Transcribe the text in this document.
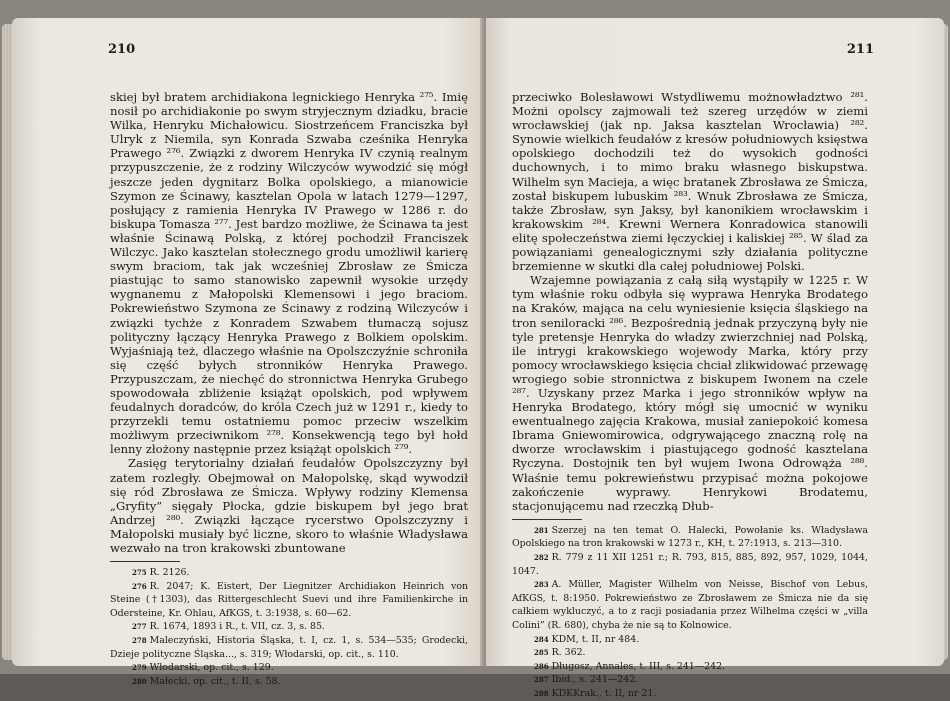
210

skiej był bratem archidiakona legnickiego Henryka ²⁷⁵. Imię nosił po archidiakonie po swym stryjecznym dziadku, bracie Wilka, Henryku Michałowicu. Siostrzeńcem Franciszka był Ulryk z Niemila, syn Konrada Szwaba cześnika Henryka Prawego ²⁷⁶. Związki z dworem Henryka IV czynią realnym przypuszczenie, że z rodziny Wilczyców wywodzić się mógł jeszcze jeden dygnitarz Bolka opolskiego, a mianowicie Szymon ze Ścinawy, kasztelan Opola w latach 1279—1297, posłujący z ramienia Henryka IV Prawego w 1286 r. do biskupa Tomasza ²⁷⁷. Jest bardzo możliwe, że Ścinawa ta jest właśnie Ścinawą Polską, z której pochodził Franciszek Wilczyc. Jako kasztelan stołecznego grodu umożliwił karierę swym braciom, tak jak wcześniej Zbrosław ze Śmicza piastując to samo stanowisko zapewnił wysokie urzędy wygnanemu z Małopolski Klemensowi i jego braciom. Pokrewieństwo Szymona ze Ścinawy z rodziną Wilczyców i związki tychże z Konradem Szwabem tłumaczą sojusz polityczny łączący Henryka Prawego z Bolkiem opolskim. Wyjaśniają też, dlaczego właśnie na Opolszczyźnie schroniła się część byłych stronników Henryka Prawego. Przypuszczam, że niechęć do stronnictwa Henryka Grubego spowodowała zbliżenie książąt opolskich, pod wpływem feudalnych doradców, do króla Czech już w 1291 r., kiedy to przyrzekli temu ostatniemu pomoc przeciw wszelkim możliwym przeciwnikom ²⁷⁸. Konsekwencją tego był hołd lenny złożony następnie przez książąt opolskich ²⁷⁹.

Zasięg terytorialny działań feudałów Opolszczyzny był zatem rozległy. Obejmował on Małopolskę, skąd wywodził się ród Zbrosława ze Śmicza. Wpływy rodziny Klemensa „Gryfity” sięgały Płocka, gdzie biskupem był jego brat Andrzej ²⁸⁰. Związki łączące rycerstwo Opolszczyzny i Małopolski musiały być liczne, skoro to właśnie Władysława wezwało na tron krakowski zbuntowane

275 R. 2126.
276 R. 2047; K. Eistert, Der Liegnitzer Archidiakon Heinrich von Steine (†1303), das Rittergeschlecht Suevi und ihre Familienkirche in Odersteine, Kr. Ohlau, AfKGS, t. 3:1938, s. 60—62.
277 R. 1674, 1893 i R., t. VII, cz. 3, s. 85.
278 Maleczyński, Historia Śląska, t. I, cz. 1, s. 534—535; Grodecki, Dzieje polityczne Śląska..., s. 319; Włodarski, op. cit., s. 110.
279 Włodarski, op. cit., s. 129.
280 Małecki, op. cit., t. II, s. 58.
211

przeciwko Bolesławowi Wstydliwemu możnowładztwo ²⁸¹. Możni opolscy zajmowali też szereg urzędów w ziemi wrocławskiej (jak np. Jaksa kasztelan Wrocławia) ²⁸². Synowie wielkich feudałów z kresów południowych księstwa opolskiego dochodzili też do wysokich godności duchownych, i to mimo braku własnego biskupstwa. Wilhelm syn Macieja, a więc bratanek Zbrosława ze Śmicza, został biskupem lubuskim ²⁸³. Wnuk Zbrosława ze Śmicza, także Zbrosław, syn Jaksy, był kanonikiem wrocławskim i krakowskim ²⁸⁴. Krewni Wernera Konradowica stanowili elitę społeczeństwa ziemi łęczyckiej i kaliskiej ²⁸⁵. W ślad za powiązaniami genealogicznymi szły działania polityczne brzemienne w skutki dla całej południowej Polski.

Wzajemne powiązania z całą siłą wystąpiły w 1225 r. W tym właśnie roku odbyła się wyprawa Henryka Brodatego na Kraków, mająca na celu wyniesienie księcia śląskiego na tron seniloracki ²⁸⁶. Bezpośrednią jednak przyczyną były nie tyle pretensje Henryka do władzy zwierzchniej nad Polską, ile intrygi krakowskiego wojewody Marka, który przy pomocy wrocławskiego księcia chciał zlikwidować przewagę wrogiego sobie stronnictwa z biskupem Iwonem na czele ²⁸⁷. Uzyskany przez Marka i jego stronników wpływ na Henryka Brodatego, który mógł się umocnić w wyniku ewentualnego zajęcia Krakowa, musiał zaniepokoić komesa Ibrama Gniewomirowica, odgrywającego znaczną rolę na dworze wrocławskim i piastującego godność kasztelana Ryczyna. Dostojnik ten był wujem Iwona Odrowąża ²⁸⁸. Właśnie temu pokrewieństwu przypisać można pokojowe zakończenie wyprawy. Henrykowi Brodatemu, stacjonującemu nad rzeczką Dłub-

281 Szerzej na ten temat O. Halecki, Powołanie ks. Władysława Opolskiego na tron krakowski w 1273 r., KH, t. 27:1913, s. 213—310.
282 R. 779 z 11 XII 1251 r.; R. 793, 815, 885, 892, 957, 1029, 1044, 1047.
283 A. Müller, Magister Wilhelm von Neisse, Bischof von Lebus, AfKGS, t. 8:1950. Pokrewieństwo ze Zbrosławem ze Śmicza nie da się całkiem wykluczyć, a to z racji posiadania przez Wilhelma części w „villa Colini” (R. 680), chyba że nie są to Kolnowice.
284 KDM, t. II, nr 484.
285 R. 362.
286 Długosz, Annales, t. III, s. 241—242.
287 Ibid., s. 241—242.
288 KDKKrak., t. II, nr 21.
